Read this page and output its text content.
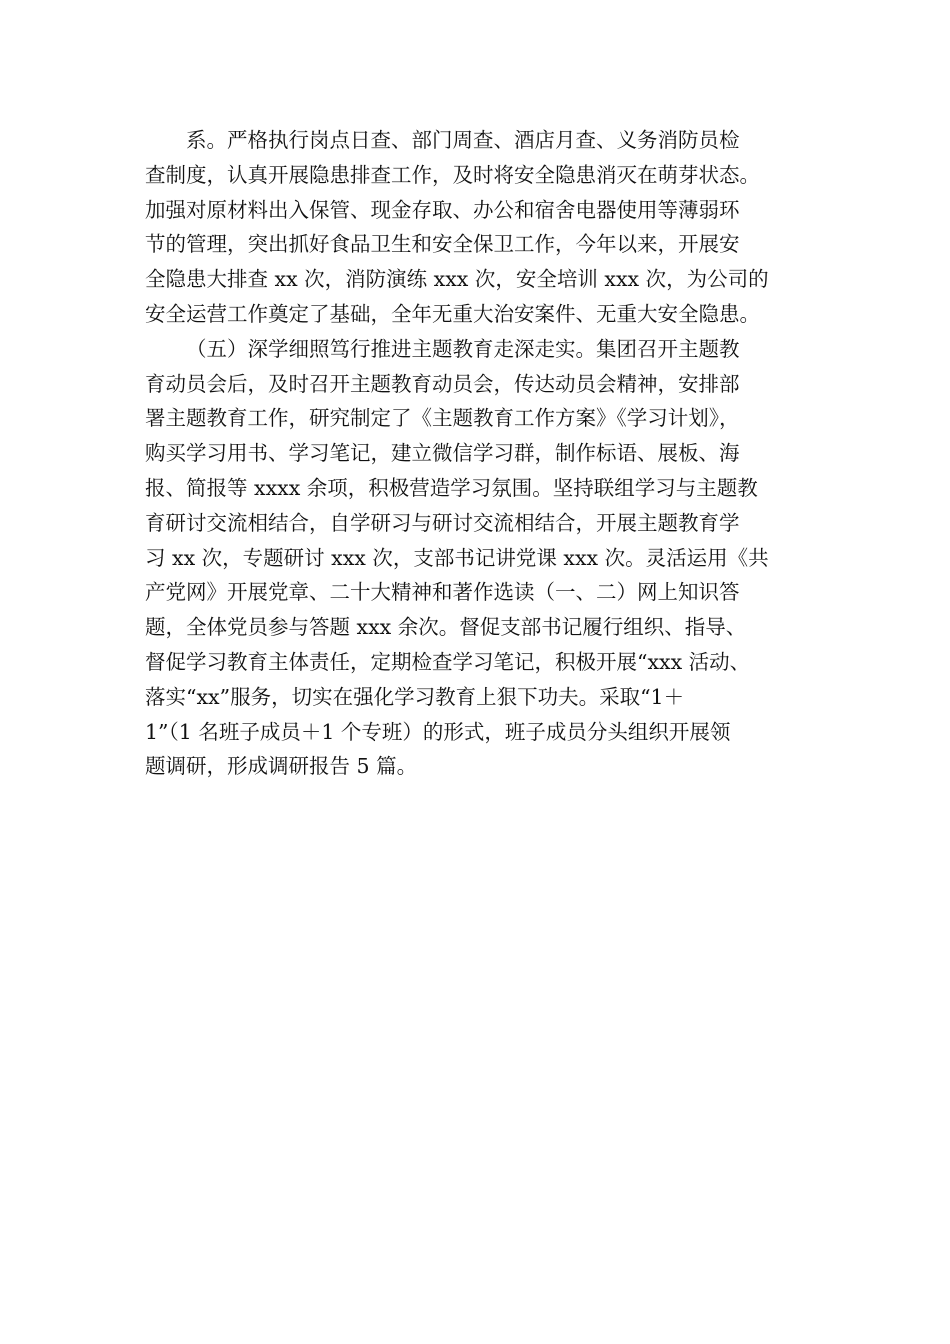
系。严格执行岗点日查、部门周查、酒店月查、义务消防员检
查制度，认真开展隐患排查工作，及时将安全隐患消灭在萌芽状态。
加强对原材料出入保管、现金存取、办公和宿舍电器使用等薄弱环
节的管理，突出抓好食品卫生和安全保卫工作，今年以来，开展安
全隐患大排查 xx 次，消防演练 xxx 次，安全培训 xxx 次，为公司的
安全运营工作奠定了基础，全年无重大治安案件、无重大安全隐患。
（五）深学细照笃行推进主题教育走深走实。集团召开主题教
育动员会后，及时召开主题教育动员会，传达动员会精神，安排部
署主题教育工作，研究制定了《主题教育工作方案》《学习计划》，
购买学习用书、学习笔记，建立微信学习群，制作标语、展板、海
报、简报等 xxxx 余项，积极营造学习氛围。坚持联组学习与主题教
育研讨交流相结合，自学研习与研讨交流相结合，开展主题教育学
习 xx 次，专题研讨 xxx 次，支部书记讲党课 xxx 次。灵活运用《共
产党网》开展党章、二十大精神和著作选读（一、二）网上知识答
题，全体党员参与答题 xxx 余次。督促支部书记履行组织、指导、
督促学习教育主体责任，定期检查学习笔记，积极开展“xxx 活动、
落实“xx”服务，切实在强化学习教育上狠下功夫。采取“1＋
1”（1 名班子成员＋1 个专班）的形式，班子成员分头组织开展领
题调研，形成调研报告 5 篇。
